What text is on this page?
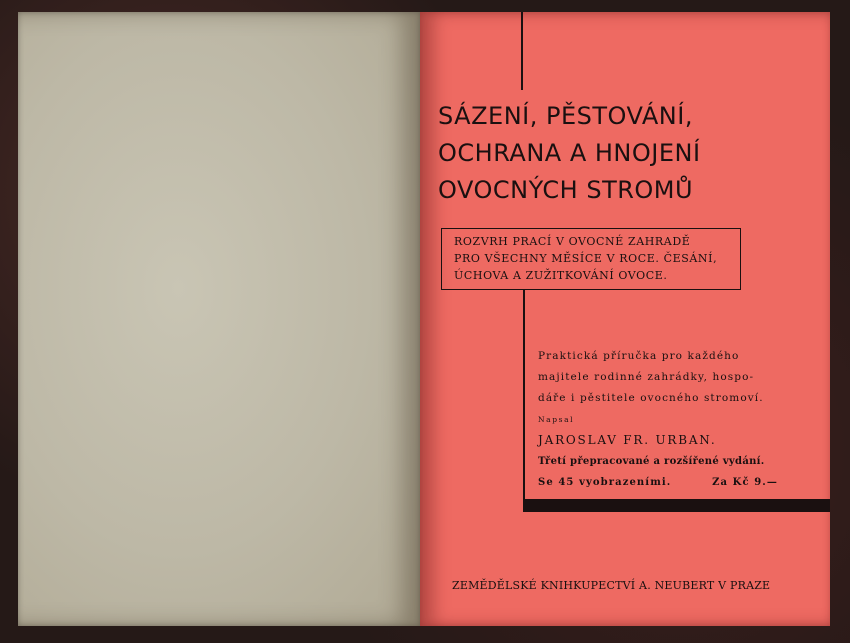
SÁZENÍ, PĚSTOVÁNÍ,
OCHRANA A HNOJENÍ
OVOCNÝCH STROMŮ
ROZVRH PRACÍ V OVOCNÉ ZAHRADĚ
PRO VŠECHNY MĚSÍCE V ROCE. ČESÁNÍ,
ÚCHOVA A ZUŽITKOVÁNÍ OVOCE.
Praktická příručka pro každého
majitele rodinné zahrádky, hospo-
dáře i pěstitele ovocného stromoví.
Napsal
JAROSLAV FR. URBAN.
Třetí přepracované a rozšířené vydání.
Se 45 vyobrazeními.	Za Kč 9.—
ZEMĚDĚLSKÉ KNIHKUPECTVÍ A. NEUBERT V PRAZE
